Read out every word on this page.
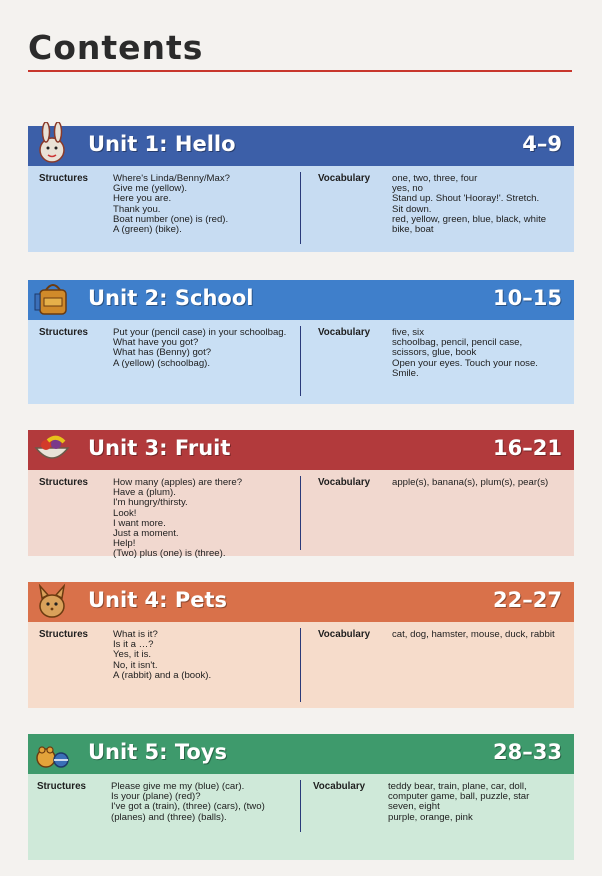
Contents
Unit 1: Hello	4–9
Structures	Where's Linda/Benny/Max?
Give me (yellow).
Here you are.
Thank you.
Boat number (one) is (red).
A (green) (bike).
Vocabulary one, two, three, four
yes, no
Stand up. Shout 'Hooray!'. Stretch.
Sit down.
red, yellow, green, blue, black, white
bike, boat
Unit 2: School	10–15
Structures	Put your (pencil case) in your schoolbag.
What have you got?
What has (Benny) got?
A (yellow) (schoolbag).
Vocabulary five, six
schoolbag, pencil, pencil case,
scissors, glue, book
Open your eyes. Touch your nose.
Smile.
Unit 3: Fruit	16–21
Structures	How many (apples) are there?
Have a (plum).
I'm hungry/thirsty.
Look!
I want more.
Just a moment.
Help!
(Two) plus (one) is (three).
Vocabulary apple(s), banana(s), plum(s), pear(s)
Unit 4: Pets	22–27
Structures	What is it?
Is it a …?
Yes, it is.
No, it isn't.
A (rabbit) and a (book).
Vocabulary cat, dog, hamster, mouse, duck, rabbit
Unit 5: Toys	28–33
Structures	Please give me my (blue) (car).
Is your (plane) (red)?
I've got a (train), (three) (cars), (two)
(planes) and (three) (balls).
Vocabulary teddy bear, train, plane, car, doll,
computer game, ball, puzzle, star
seven, eight
purple, orange, pink
